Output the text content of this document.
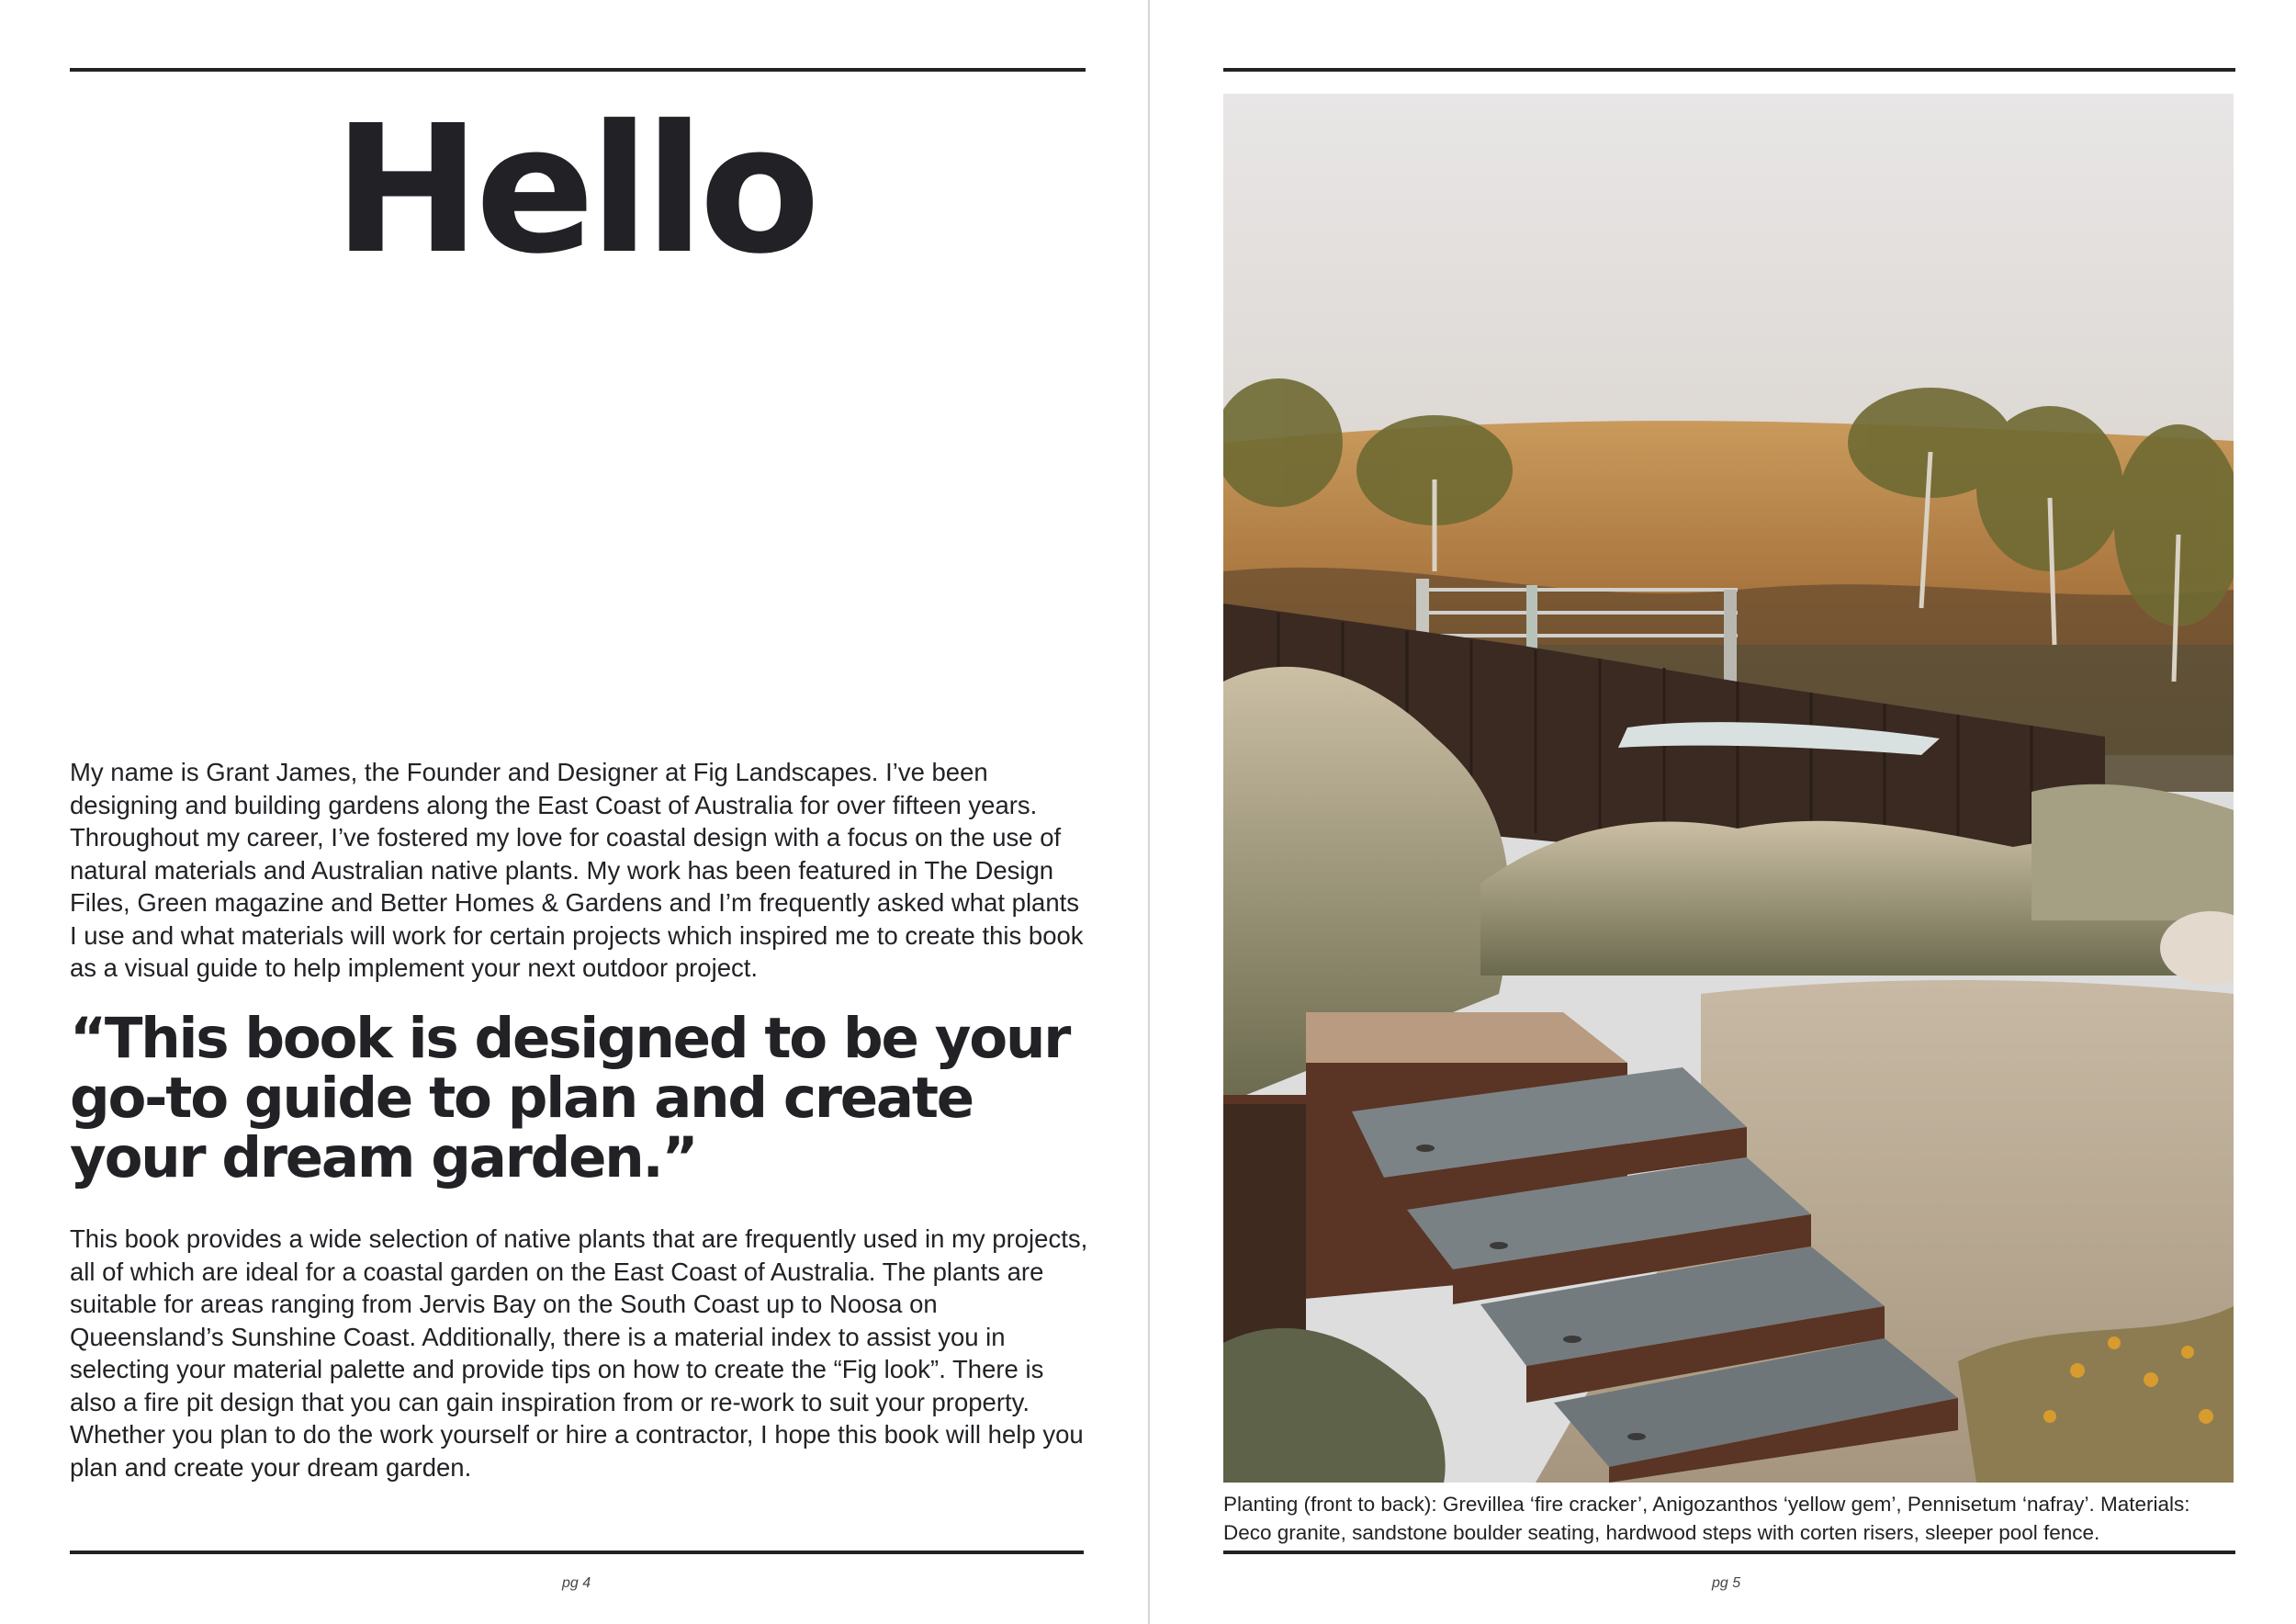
Hello

My name is Grant James, the Founder and Designer at Fig Landscapes. I’ve been designing and building gardens along the East Coast of Australia for over fifteen years. Throughout my career, I’ve fostered my love for coastal design with a focus on the use of natural materials and Australian native plants. My work has been featured in The Design Files, Green magazine and Better Homes & Gardens and I’m frequently asked what plants I use and what materials will work for certain projects which inspired me to create this book as a visual guide to help implement your next outdoor project.

“This book is designed to be your go-to guide to plan and create your dream garden.”

This book provides a wide selection of native plants that are frequently used in my projects, all of which are ideal for a coastal garden on the East Coast of Australia. The plants are suitable for areas ranging from Jervis Bay on the South Coast up to Noosa on Queensland’s Sunshine Coast. Additionally, there is a material index to assist you in selecting your material palette and provide tips on how to create the “Fig look”. There is also a fire pit design that you can gain inspiration from or re-work to suit your property. Whether you plan to do the work yourself or hire a contractor, I hope this book will help you plan and create your dream garden.

pg 4

Planting (front to back): Grevillea ‘fire cracker’, Anigozanthos ‘yellow gem’, Pennisetum ‘nafray’. Materials: Deco granite, sandstone boulder seating, hardwood steps with corten risers, sleeper pool fence.

pg 5
